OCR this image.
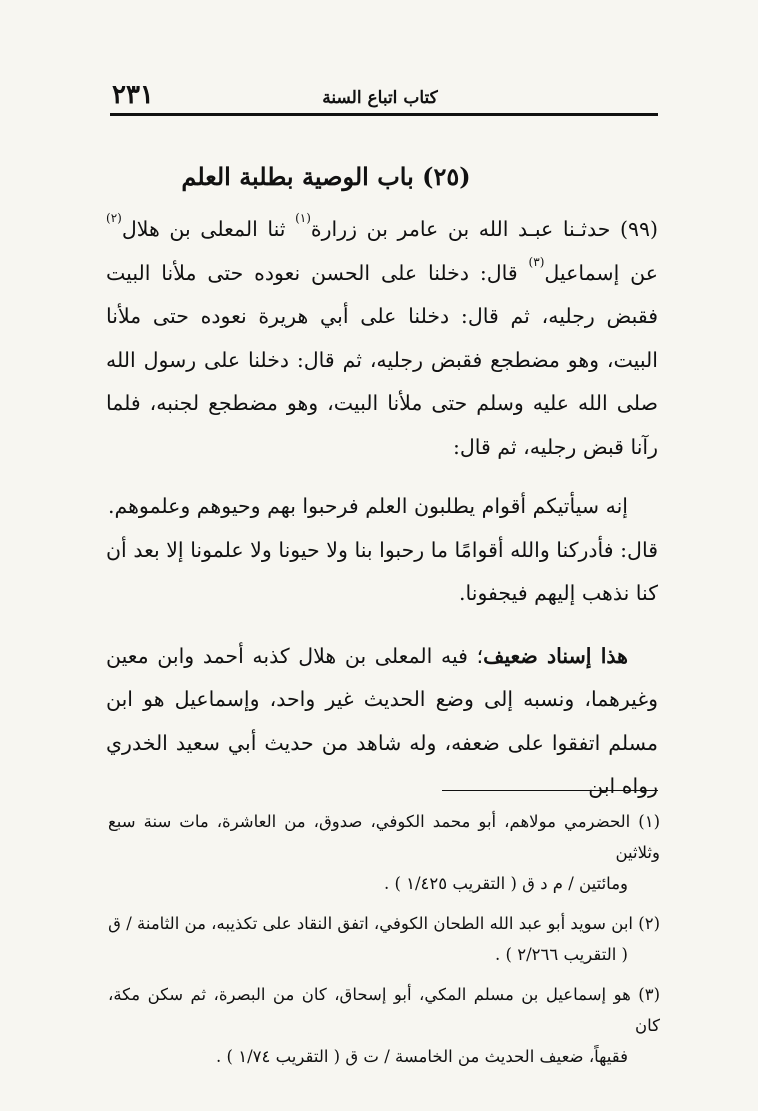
٢٣١	كتاب اتباع السنة
(٢٥) باب الوصية بطلبة العلم

(٩٩) حدثـنا عبـد الله بن عامر بن زرارة$^{(١)}$ ثنا المعلى بن هلال$^{(٢)}$ عن إسماعيل$^{(٣)}$ قال: دخلنا على الحسن نعوده حتى ملأنا البيت فقبض رجليه، ثم قال: دخلنا على أبي هريرة نعوده حتى ملأنا البيت، وهو مضطجع فقبض رجليه، ثم قال: دخلنا على رسول الله صلى الله عليه وسلم حتى ملأنا البيت، وهو مضطجع لجنبه، فلما رآنا قبض رجليه، ثم قال:

إنه سيأتيكم أقوام يطلبون العلم فرحبوا بهم وحيوهم وعلموهم.

قال: فأدركنا والله أقوامًا ما رحبوا بنا ولا حيونا ولا علمونا إلا بعد أن كنا نذهب إليهم فيجفونا.

هذا إسناد ضعيف؛ فيه المعلى بن هلال كذبه أحمد وابن معين وغيرهما، ونسبه إلى وضع الحديث غير واحد، وإسماعيل هو ابن مسلم اتفقوا على ضعفه، وله شاهد من حديث أبي سعيد الخدري رواه ابن

(١) الحضرمي مولاهم، أبو محمد الكوفي، صدوق، من العاشرة، مات سنة سبع وثلاثين
ومائتين / م د ق ( التقريب ١/٤٢٥ ) .
(٢) ابن سويد أبو عبد الله الطحان الكوفي، اتفق النقاد على تكذيبه، من الثامنة / ق
( التقريب ٢/٢٦٦ ) .
(٣) هو إسماعيل بن مسلم المكي، أبو إسحاق، كان من البصرة، ثم سكن مكة، كان
فقيهاً، ضعيف الحديث من الخامسة / ت ق ( التقريب ١/٧٤ ) .
